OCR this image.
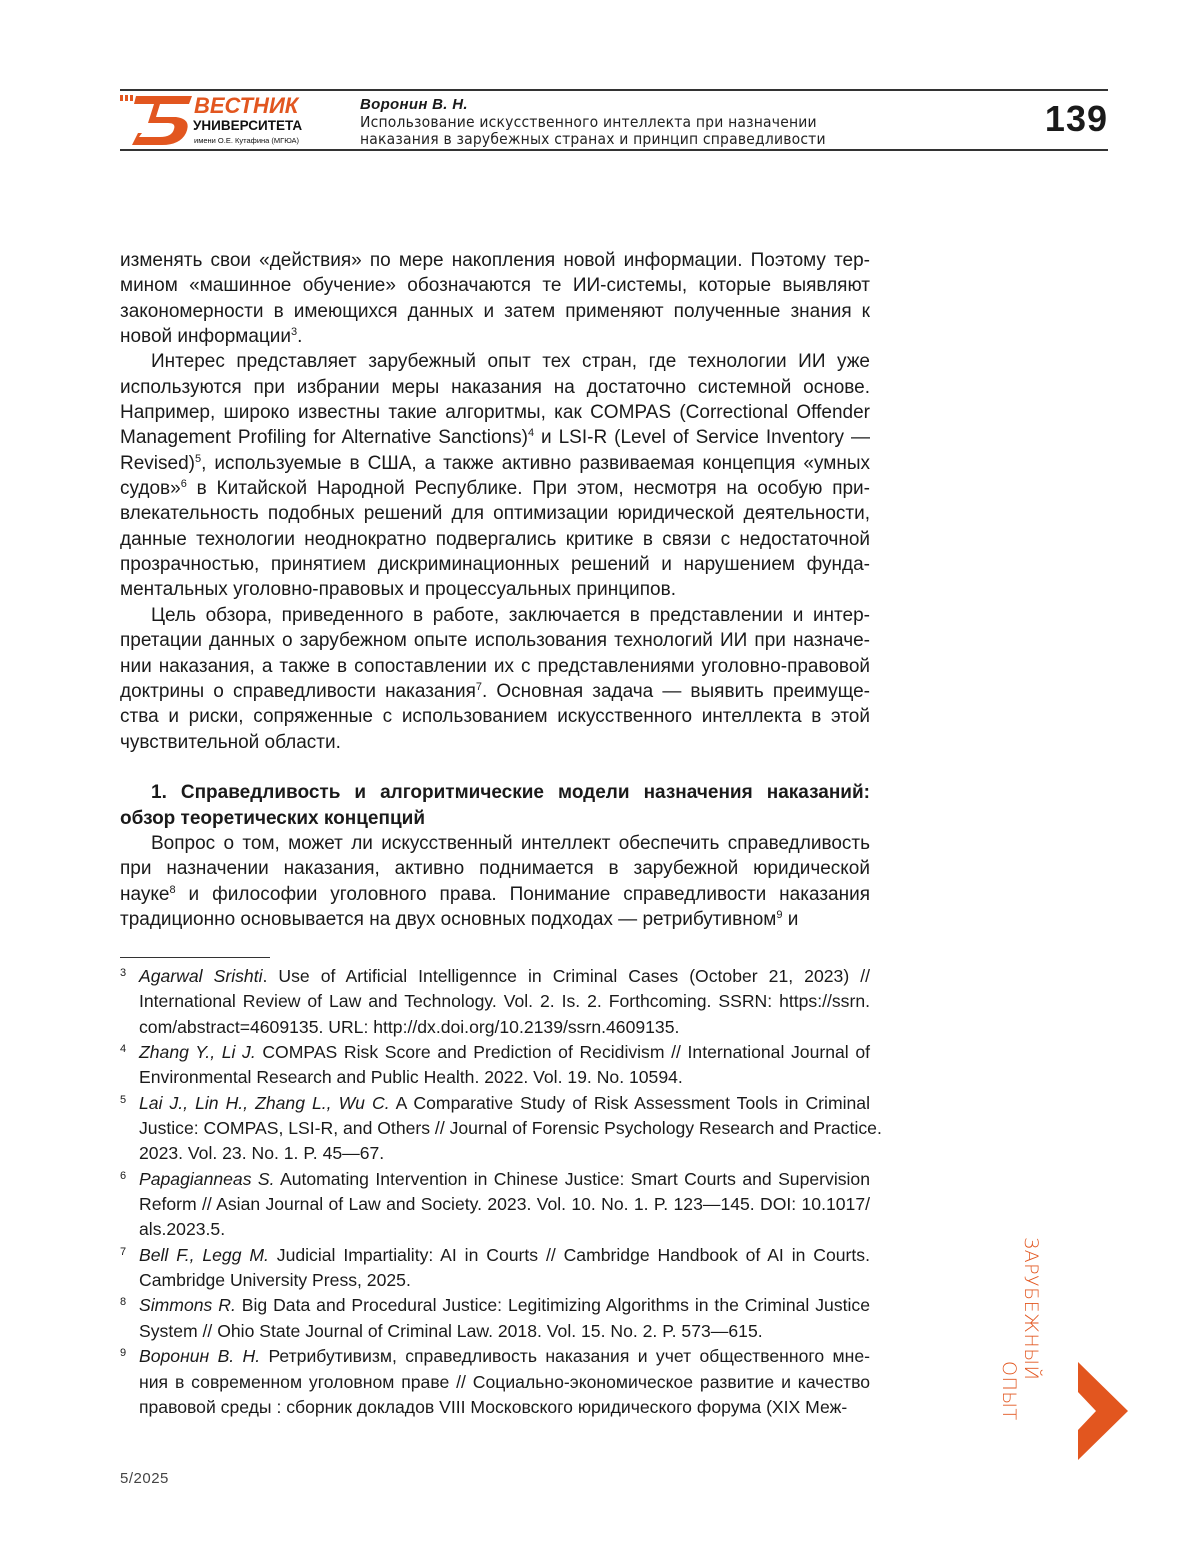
ВЕСТНИК
УНИВЕРСИТЕТА
имени О.Е. Кутафина (МГЮА)
Воронин В. Н.
Использование искусственного интеллекта при назначении
наказания в зарубежных странах и принцип справедливости	139
изменять свои «действия» по мере накопления новой информации. Поэтому тер-
мином «машинное обучение» обозначаются те ИИ-системы, которые выявляют
закономерности в имеющихся данных и затем применяют полученные знания к
новой информации3.
Интерес представляет зарубежный опыт тех стран, где технологии ИИ уже
используются при избрании меры наказания на достаточно системной основе.
Например, широко известны такие алгоритмы, как COMPAS (Correctional Offender
Management Profiling for Alternative Sanctions)4 и LSI-R (Level of Service Inventory —
Revised)5, используемые в США, а также активно развиваемая концепция «умных
судов»6 в Китайской Народной Республике. При этом, несмотря на особую при-
влекательность подобных решений для оптимизации юридической деятельности,
данные технологии неоднократно подвергались критике в связи с недостаточной
прозрачностью, принятием дискриминационных решений и нарушением фунда-
ментальных уголовно-правовых и процессуальных принципов.
Цель обзора, приведенного в работе, заключается в представлении и интер-
претации данных о зарубежном опыте использования технологий ИИ при назначе-
нии наказания, а также в сопоставлении их с представлениями уголовно-правовой
доктрины о справедливости наказания7. Основная задача — выявить преимуще-
ства и риски, сопряженные с использованием искусственного интеллекта в этой
чувствительной области.
1. Справедливость и алгоритмические модели назначения наказаний:
обзор теоретических концепций
Вопрос о том, может ли искусственный интеллект обеспечить справедливость
при назначении наказания, активно поднимается в зарубежной юридической
науке8 и философии уголовного права. Понимание справедливости наказания
традиционно основывается на двух основных подходах — ретрибутивном9 и
3 Agarwal Srishti. Use of Artificial Intelligennce in Criminal Cases (October 21, 2023) //
International Review of Law and Technology. Vol. 2. Is. 2. Forthcoming. SSRN: https://ssrn.
com/abstract=4609135. URL: http://dx.doi.org/10.2139/ssrn.4609135.
4 Zhang Y., Li J. COMPAS Risk Score and Prediction of Recidivism // International Journal of
Environmental Research and Public Health. 2022. Vol. 19. No. 10594.
5 Lai J., Lin H., Zhang L., Wu C. A Comparative Study of Risk Assessment Tools in Criminal
Justice: COMPAS, LSI-R, and Others // Journal of Forensic Psychology Research and Practice.
2023. Vol. 23. No. 1. P. 45—67.
6 Papagianneas S. Automating Intervention in Chinese Justice: Smart Courts and Supervision
Reform // Asian Journal of Law and Society. 2023. Vol. 10. No. 1. P. 123—145. DOI: 10.1017/
als.2023.5.
7 Bell F., Legg M. Judicial Impartiality: AI in Courts // Cambridge Handbook of AI in Courts.
Cambridge University Press, 2025.
8 Simmons R. Big Data and Procedural Justice: Legitimizing Algorithms in the Criminal Justice
System // Ohio State Journal of Criminal Law. 2018. Vol. 15. No. 2. P. 573—615.
9 Воронин В. Н. Ретрибутивизм, справедливость наказания и учет общественного мне-
ния в современном уголовном праве // Социально-экономическое развитие и качество
правовой среды : сборник докладов VIII Московского юридического форума (XIX Меж-
5/2025
ЗАРУБЕЖНЫЙ
ОПЫТ
